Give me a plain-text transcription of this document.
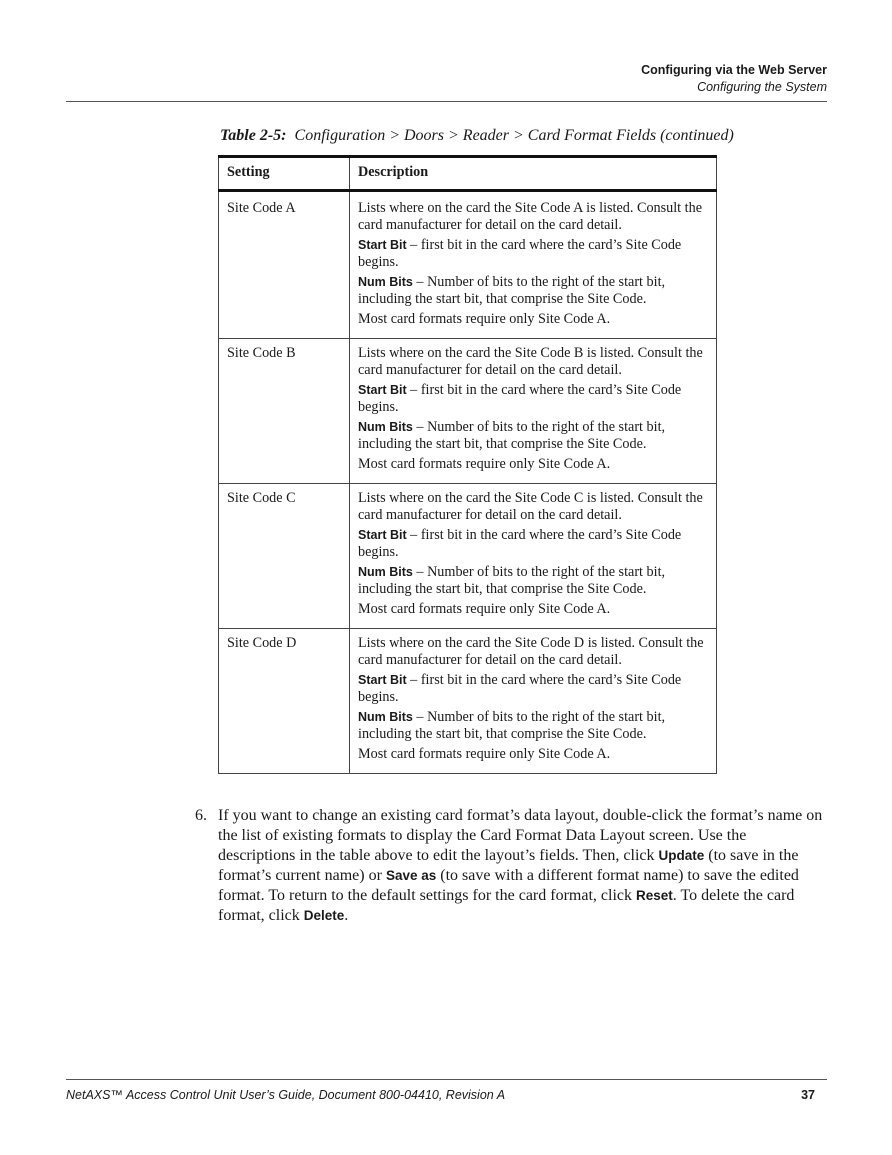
Configuring via the Web Server
Configuring the System
Table 2-5: Configuration > Doors > Reader > Card Format Fields (continued)
Setting	Description
Site Code A	Lists where on the card the Site Code A is listed. Consult the card manufacturer for detail on the card detail.

Start Bit – first bit in the card where the card’s Site Code begins.

Num Bits – Number of bits to the right of the start bit, including the start bit, that comprise the Site Code.

Most card formats require only Site Code A.

Site Code B	Lists where on the card the Site Code B is listed. Consult the card manufacturer for detail on the card detail.

Start Bit – first bit in the card where the card’s Site Code begins.

Num Bits – Number of bits to the right of the start bit, including the start bit, that comprise the Site Code.

Most card formats require only Site Code A.

Site Code C	Lists where on the card the Site Code C is listed. Consult the card manufacturer for detail on the card detail.

Start Bit – first bit in the card where the card’s Site Code begins.

Num Bits – Number of bits to the right of the start bit, including the start bit, that comprise the Site Code.

Most card formats require only Site Code A.

Site Code D	Lists where on the card the Site Code D is listed. Consult the card manufacturer for detail on the card detail.

Start Bit – first bit in the card where the card’s Site Code begins.

Num Bits – Number of bits to the right of the start bit, including the start bit, that comprise the Site Code.

Most card formats require only Site Code A.

6. If you want to change an existing card format’s data layout, double-click the format’s name on the list of existing formats to display the Card Format Data Layout screen. Use the descriptions in the table above to edit the layout’s fields. Then, click Update (to save in the format’s current name) or Save as (to save with a different format name) to save the edited format. To return to the default settings for the card format, click Reset. To delete the card format, click Delete.
NetAXS™ Access Control Unit User’s Guide, Document 800-04410, Revision A	37
